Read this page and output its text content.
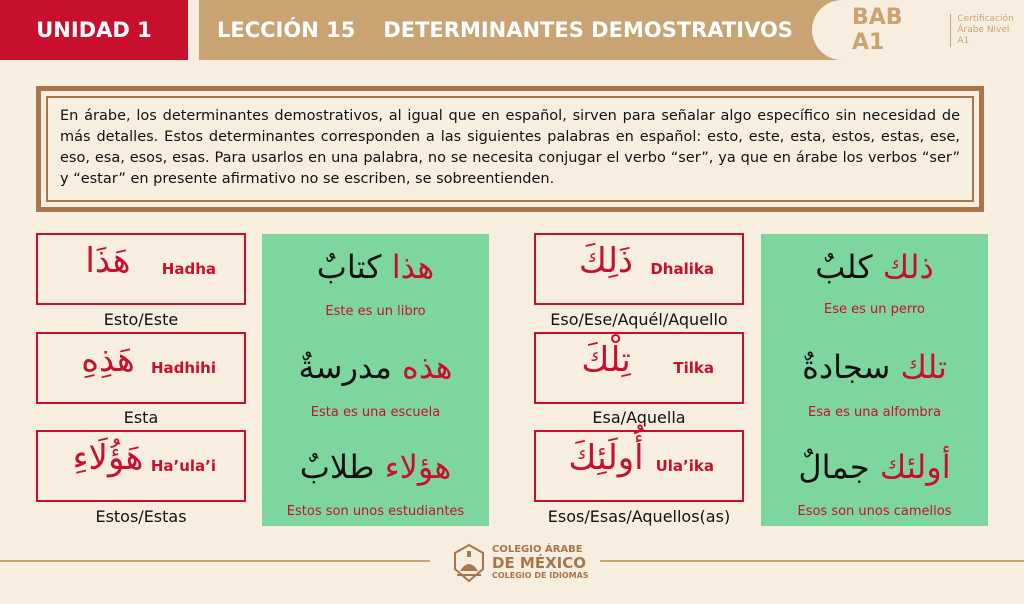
UNIDAD 1	LECCIÓN 15 DETERMINANTES DEMOSTRATIVOS	BAB A1
Certificación
Árabe Nivel A1
En árabe, los determinantes demostrativos, al igual que en español, sirven para señalar algo específico sin necesidad de más detalles. Estos determinantes corresponden a las siguientes palabras en español: esto, este, esta, estos, estas, ese, eso, esa, esos, esas. Para usarlos en una palabra, no se necesita conjugar el verbo “ser”, ya que en árabe los verbos “ser” y “estar” en presente afirmativo no se escriben, se sobreentienden.
هَذَا	Hadha
Esto/Este
هَذِهِ	Hadhihi
Esta
هَؤُلَاءِ Ha’ula’i
Estos/Estas
هذا كتابٌ
Este es un libro
هذه مدرسةٌ
Esta es una escuela
هؤلاء طلابٌ
Estos son unos estudiantes
ذَلِكَ	Dhalika
Eso/Ese/Aquél/Aquello
تِلْكَ	Tilka
Esa/Aquella
أُولَئِكَ Ula’ika
Esos/Esas/Aquellos(as)
ذلك كلبٌ
Ese es un perro
تلك سجادةٌ
Esa es una alfombra
أولئك جمالٌ
Esos son unos camellos
COLEGIO ÁRABE
DE MÉXICO
COLEGIO DE IDIOMAS
